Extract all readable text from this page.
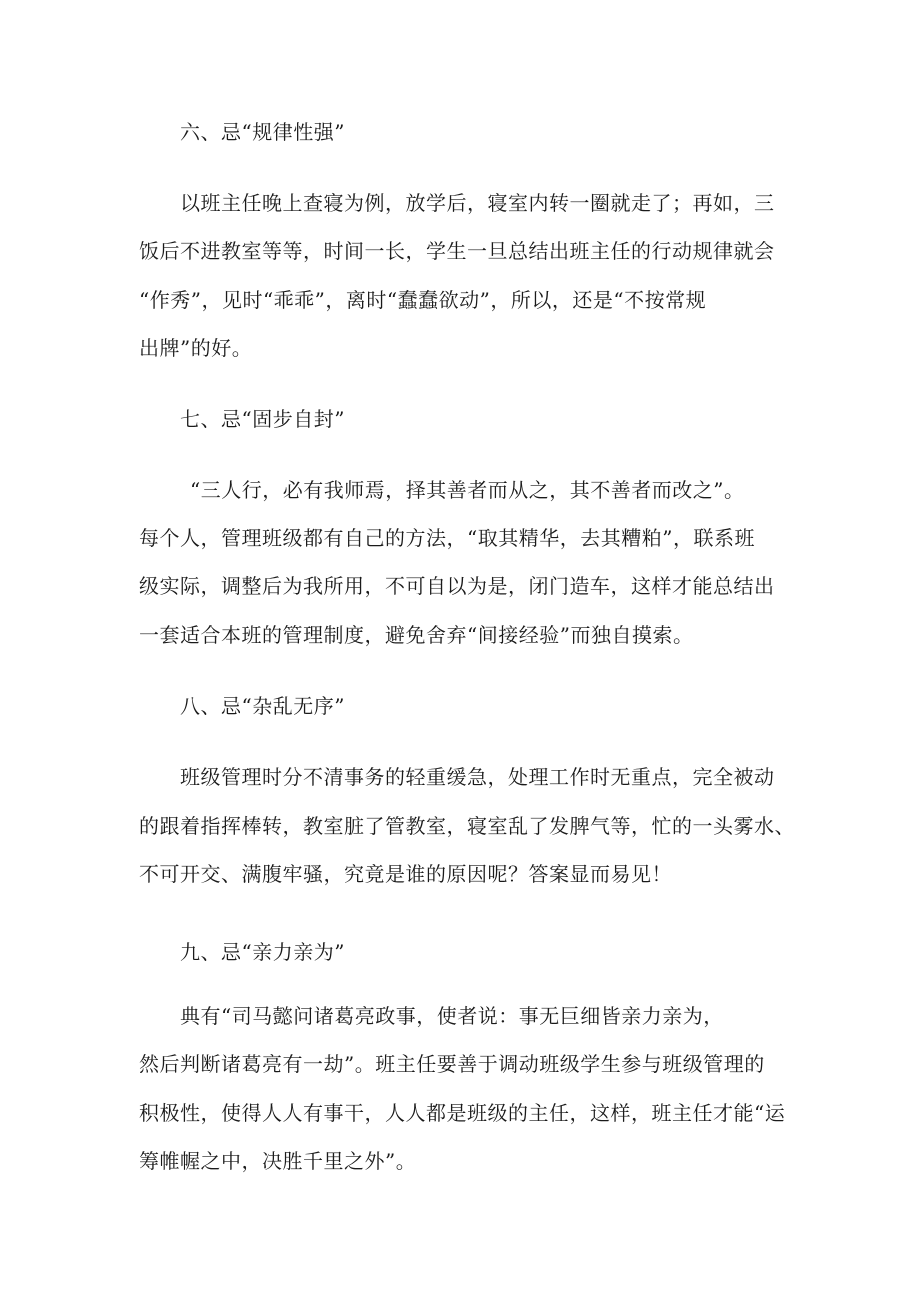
六、忌“规律性强”

以班主任晚上查寝为例，放学后，寝室内转一圈就走了；再如，三

饭后不进教室等等，时间一长，学生一旦总结出班主任的行动规律就会

“作秀”，见时“乖乖”，离时“蠢蠢欲动”，所以，还是“不按常规

出牌”的好。

七、忌“固步自封”

“三人行，必有我师焉，择其善者而从之，其不善者而改之”。

每个人，管理班级都有自己的方法，“取其精华，去其糟粕”，联系班

级实际，调整后为我所用，不可自以为是，闭门造车，这样才能总结出

一套适合本班的管理制度，避免舍弃“间接经验”而独自摸索。

八、忌“杂乱无序”

班级管理时分不清事务的轻重缓急，处理工作时无重点，完全被动

的跟着指挥棒转，教室脏了管教室，寝室乱了发脾气等，忙的一头雾水、

不可开交、满腹牢骚，究竟是谁的原因呢？答案显而易见！

九、忌“亲力亲为”

典有“司马懿问诸葛亮政事，使者说：事无巨细皆亲力亲为，

然后判断诸葛亮有一劫”。班主任要善于调动班级学生参与班级管理的

积极性，使得人人有事干，人人都是班级的主任，这样，班主任才能“运

筹帷幄之中，决胜千里之外”。
